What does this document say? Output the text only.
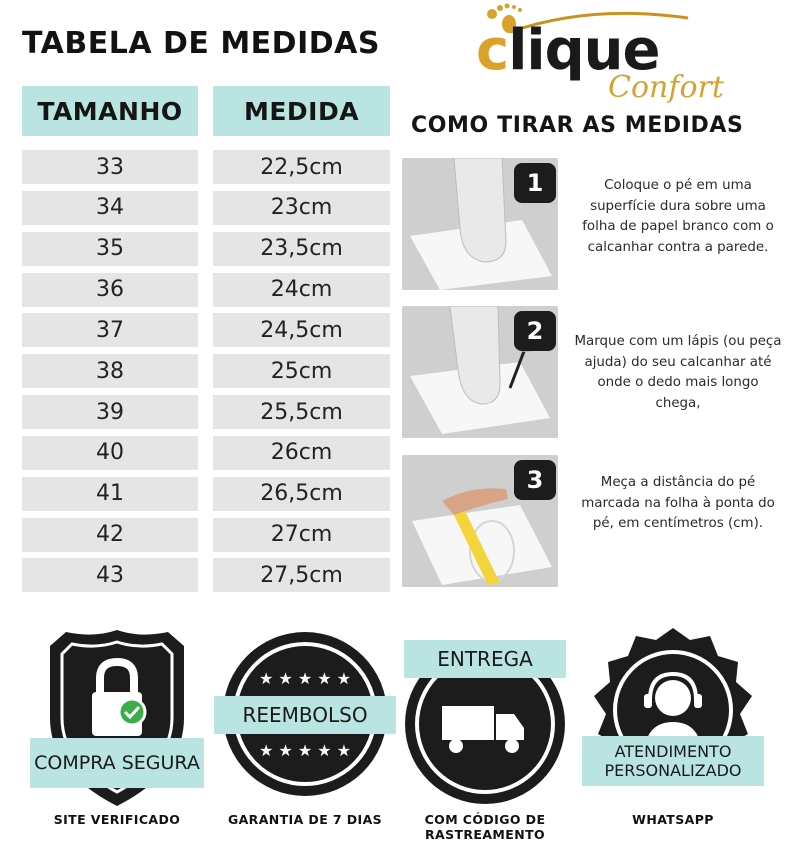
TABELA DE MEDIDAS	clique
Confort
TAMANHO	MEDIDA
33	22,5cm
34	23cm
35	23,5cm
36	24cm
37	24,5cm
38	25cm
39	25,5cm
40	26cm
41	26,5cm
42	27cm
43	27,5cm
COMO TIRAR AS MEDIDAS
1	Coloque o pé em uma superfície dura sobre uma folha de papel branco com o calcanhar contra a parede.
2	Marque com um lápis (ou peça ajuda) do seu calcanhar até onde o dedo mais longo chega,
3	Meça a distância do pé marcada na folha à ponta do pé, em centímetros (cm).
COMPRA SEGURA
SITE VERIFICADO
★ ★ ★ ★ ★
★ ★ ★ ★ ★
REEMBOLSO
GARANTIA DE 7 DIAS
ENTREGA
COM CÓDIGO DE RASTREAMENTO
ATENDIMENTO PERSONALIZADO
WHATSAPP
